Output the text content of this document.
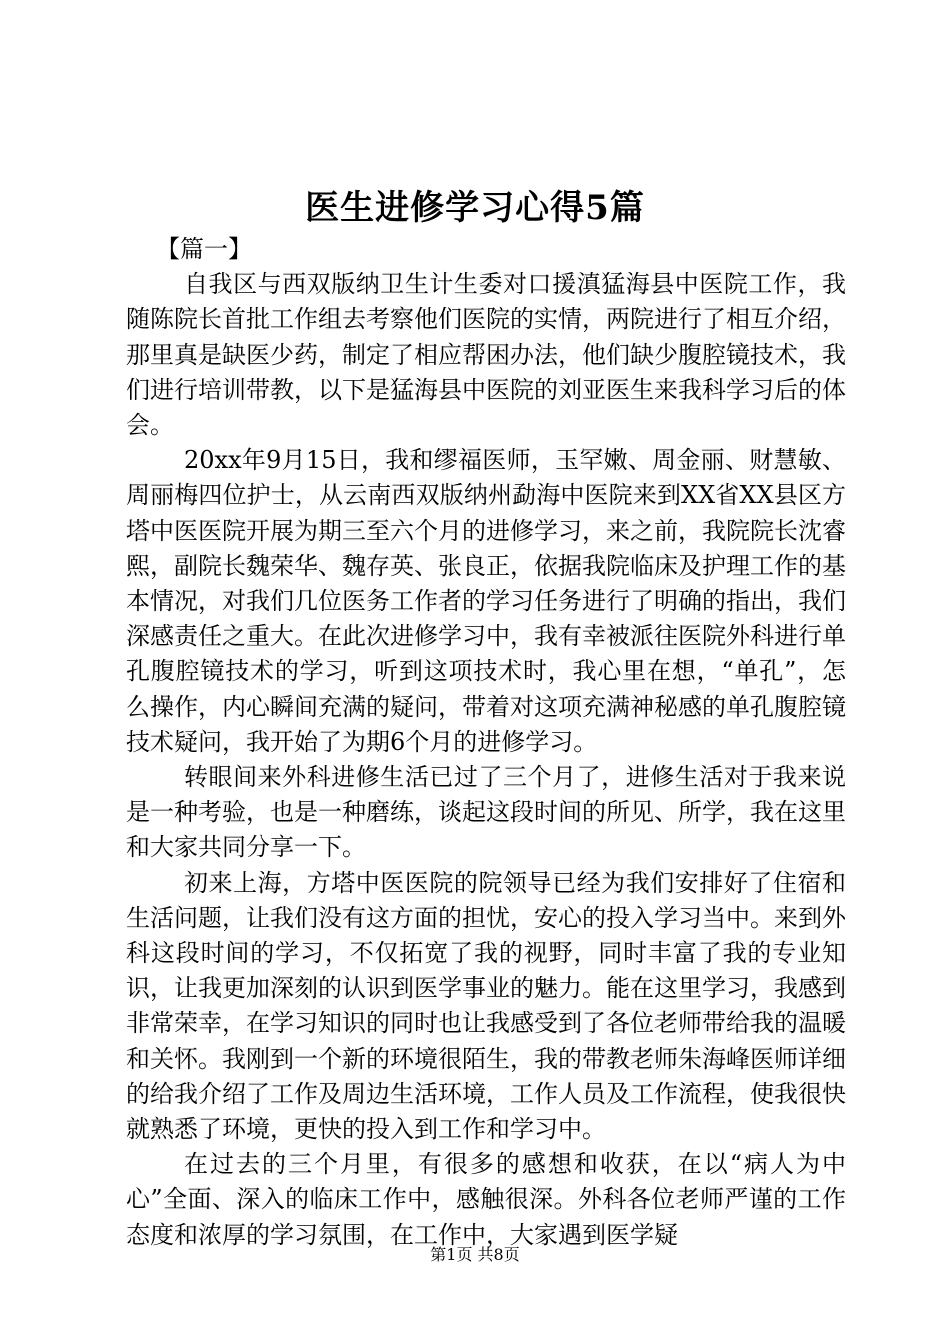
医生进修学习心得5篇

【篇一】

自我区与西双版纳卫生计生委对口援滇猛海县中医院工作，我随陈院长首批工作组去考察他们医院的实情，两院进行了相互介绍，那里真是缺医少药，制定了相应帮困办法，他们缺少腹腔镜技术，我们进行培训带教，以下是猛海县中医院的刘亚医生来我科学习后的体会。

20xx年9月15日，我和缪福医师，玉罕嫩、周金丽、财慧敏、周丽梅四位护士，从云南西双版纳州勐海中医院来到XX省XX县区方塔中医医院开展为期三至六个月的进修学习，来之前，我院院长沈睿熙，副院长魏荣华、魏存英、张良正，依据我院临床及护理工作的基本情况，对我们几位医务工作者的学习任务进行了明确的指出，我们深感责任之重大。在此次进修学习中，我有幸被派往医院外科进行单孔腹腔镜技术的学习，听到这项技术时，我心里在想，“单孔”，怎么操作，内心瞬间充满的疑问，带着对这项充满神秘感的单孔腹腔镜技术疑问，我开始了为期6个月的进修学习。

转眼间来外科进修生活已过了三个月了，进修生活对于我来说是一种考验，也是一种磨练，谈起这段时间的所见、所学，我在这里和大家共同分享一下。

初来上海，方塔中医医院的院领导已经为我们安排好了住宿和生活问题，让我们没有这方面的担忧，安心的投入学习当中。来到外科这段时间的学习，不仅拓宽了我的视野，同时丰富了我的专业知识，让我更加深刻的认识到医学事业的魅力。能在这里学习，我感到非常荣幸，在学习知识的同时也让我感受到了各位老师带给我的温暖和关怀。我刚到一个新的环境很陌生，我的带教老师朱海峰医师详细的给我介绍了工作及周边生活环境，工作人员及工作流程，使我很快就熟悉了环境，更快的投入到工作和学习中。

在过去的三个月里，有很多的感想和收获，在以“病人为中心”全面、深入的临床工作中，感触很深。外科各位老师严谨的工作态度和浓厚的学习氛围，在工作中，大家遇到医学疑

第1页 共8页
